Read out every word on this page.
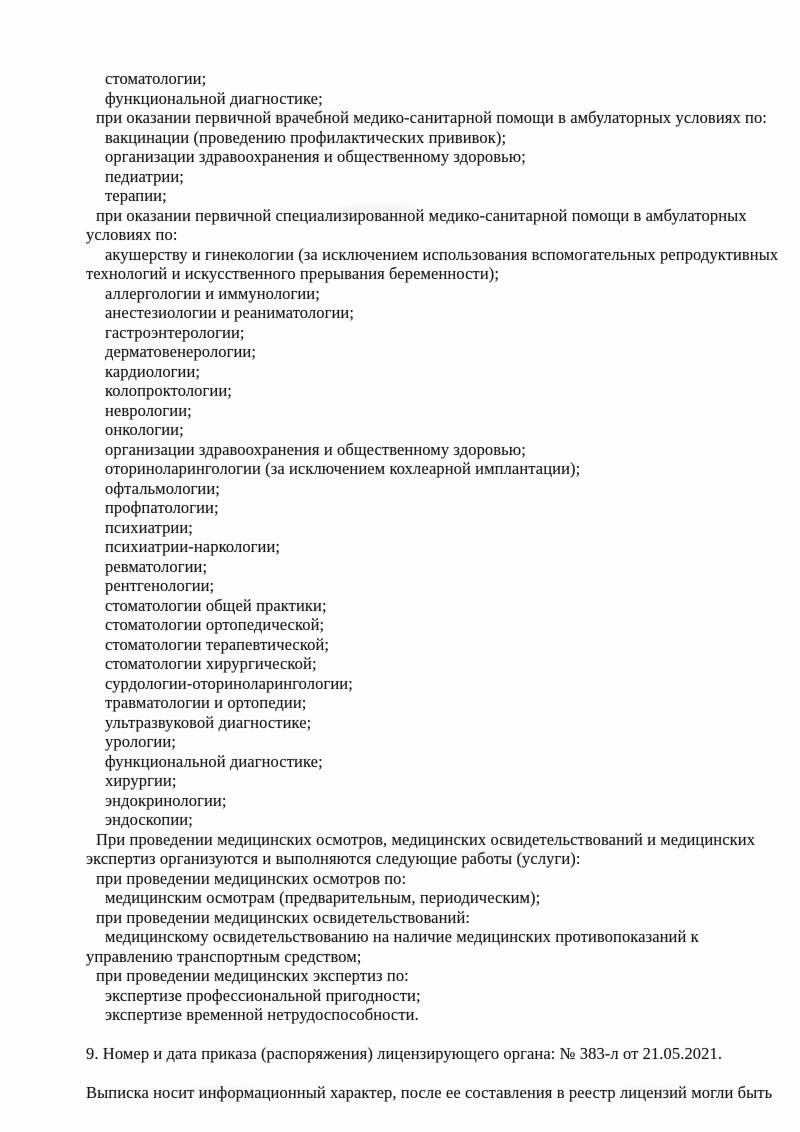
стоматологии;
функциональной диагностике;
при оказании первичной врачебной медико-санитарной помощи в амбулаторных условиях по:
вакцинации (проведению профилактических прививок);
организации здравоохранения и общественному здоровью;
педиатрии;
терапии;
при оказании первичной специализированной медико-санитарной помощи в амбулаторных
условиях по:
акушерству и гинекологии (за исключением использования вспомогательных репродуктивных
технологий и искусственного прерывания беременности);
аллергологии и иммунологии;
анестезиологии и реаниматологии;
гастроэнтерологии;
дерматовенерологии;
кардиологии;
колопроктологии;
неврологии;
онкологии;
организации здравоохранения и общественному здоровью;
оториноларингологии (за исключением кохлеарной имплантации);
офтальмологии;
профпатологии;
психиатрии;
психиатрии-наркологии;
ревматологии;
рентгенологии;
стоматологии общей практики;
стоматологии ортопедической;
стоматологии терапевтической;
стоматологии хирургической;
сурдологии-оториноларингологии;
травматологии и ортопедии;
ультразвуковой диагностике;
урологии;
функциональной диагностике;
хирургии;
эндокринологии;
эндоскопии;
При проведении медицинских осмотров, медицинских освидетельствований и медицинских
экспертиз организуются и выполняются следующие работы (услуги):
при проведении медицинских осмотров по:
медицинским осмотрам (предварительным, периодическим);
при проведении медицинских освидетельствований:
медицинскому освидетельствованию на наличие медицинских противопоказаний к
управлению транспортным средством;
при проведении медицинских экспертиз по:
экспертизе профессиональной пригодности;
экспертизе временной нетрудоспособности.
9. Номер и дата приказа (распоряжения) лицензирующего органа: № 383-л от 21.05.2021.
Выписка носит информационный характер, после ее составления в реестр лицензий могли быть
